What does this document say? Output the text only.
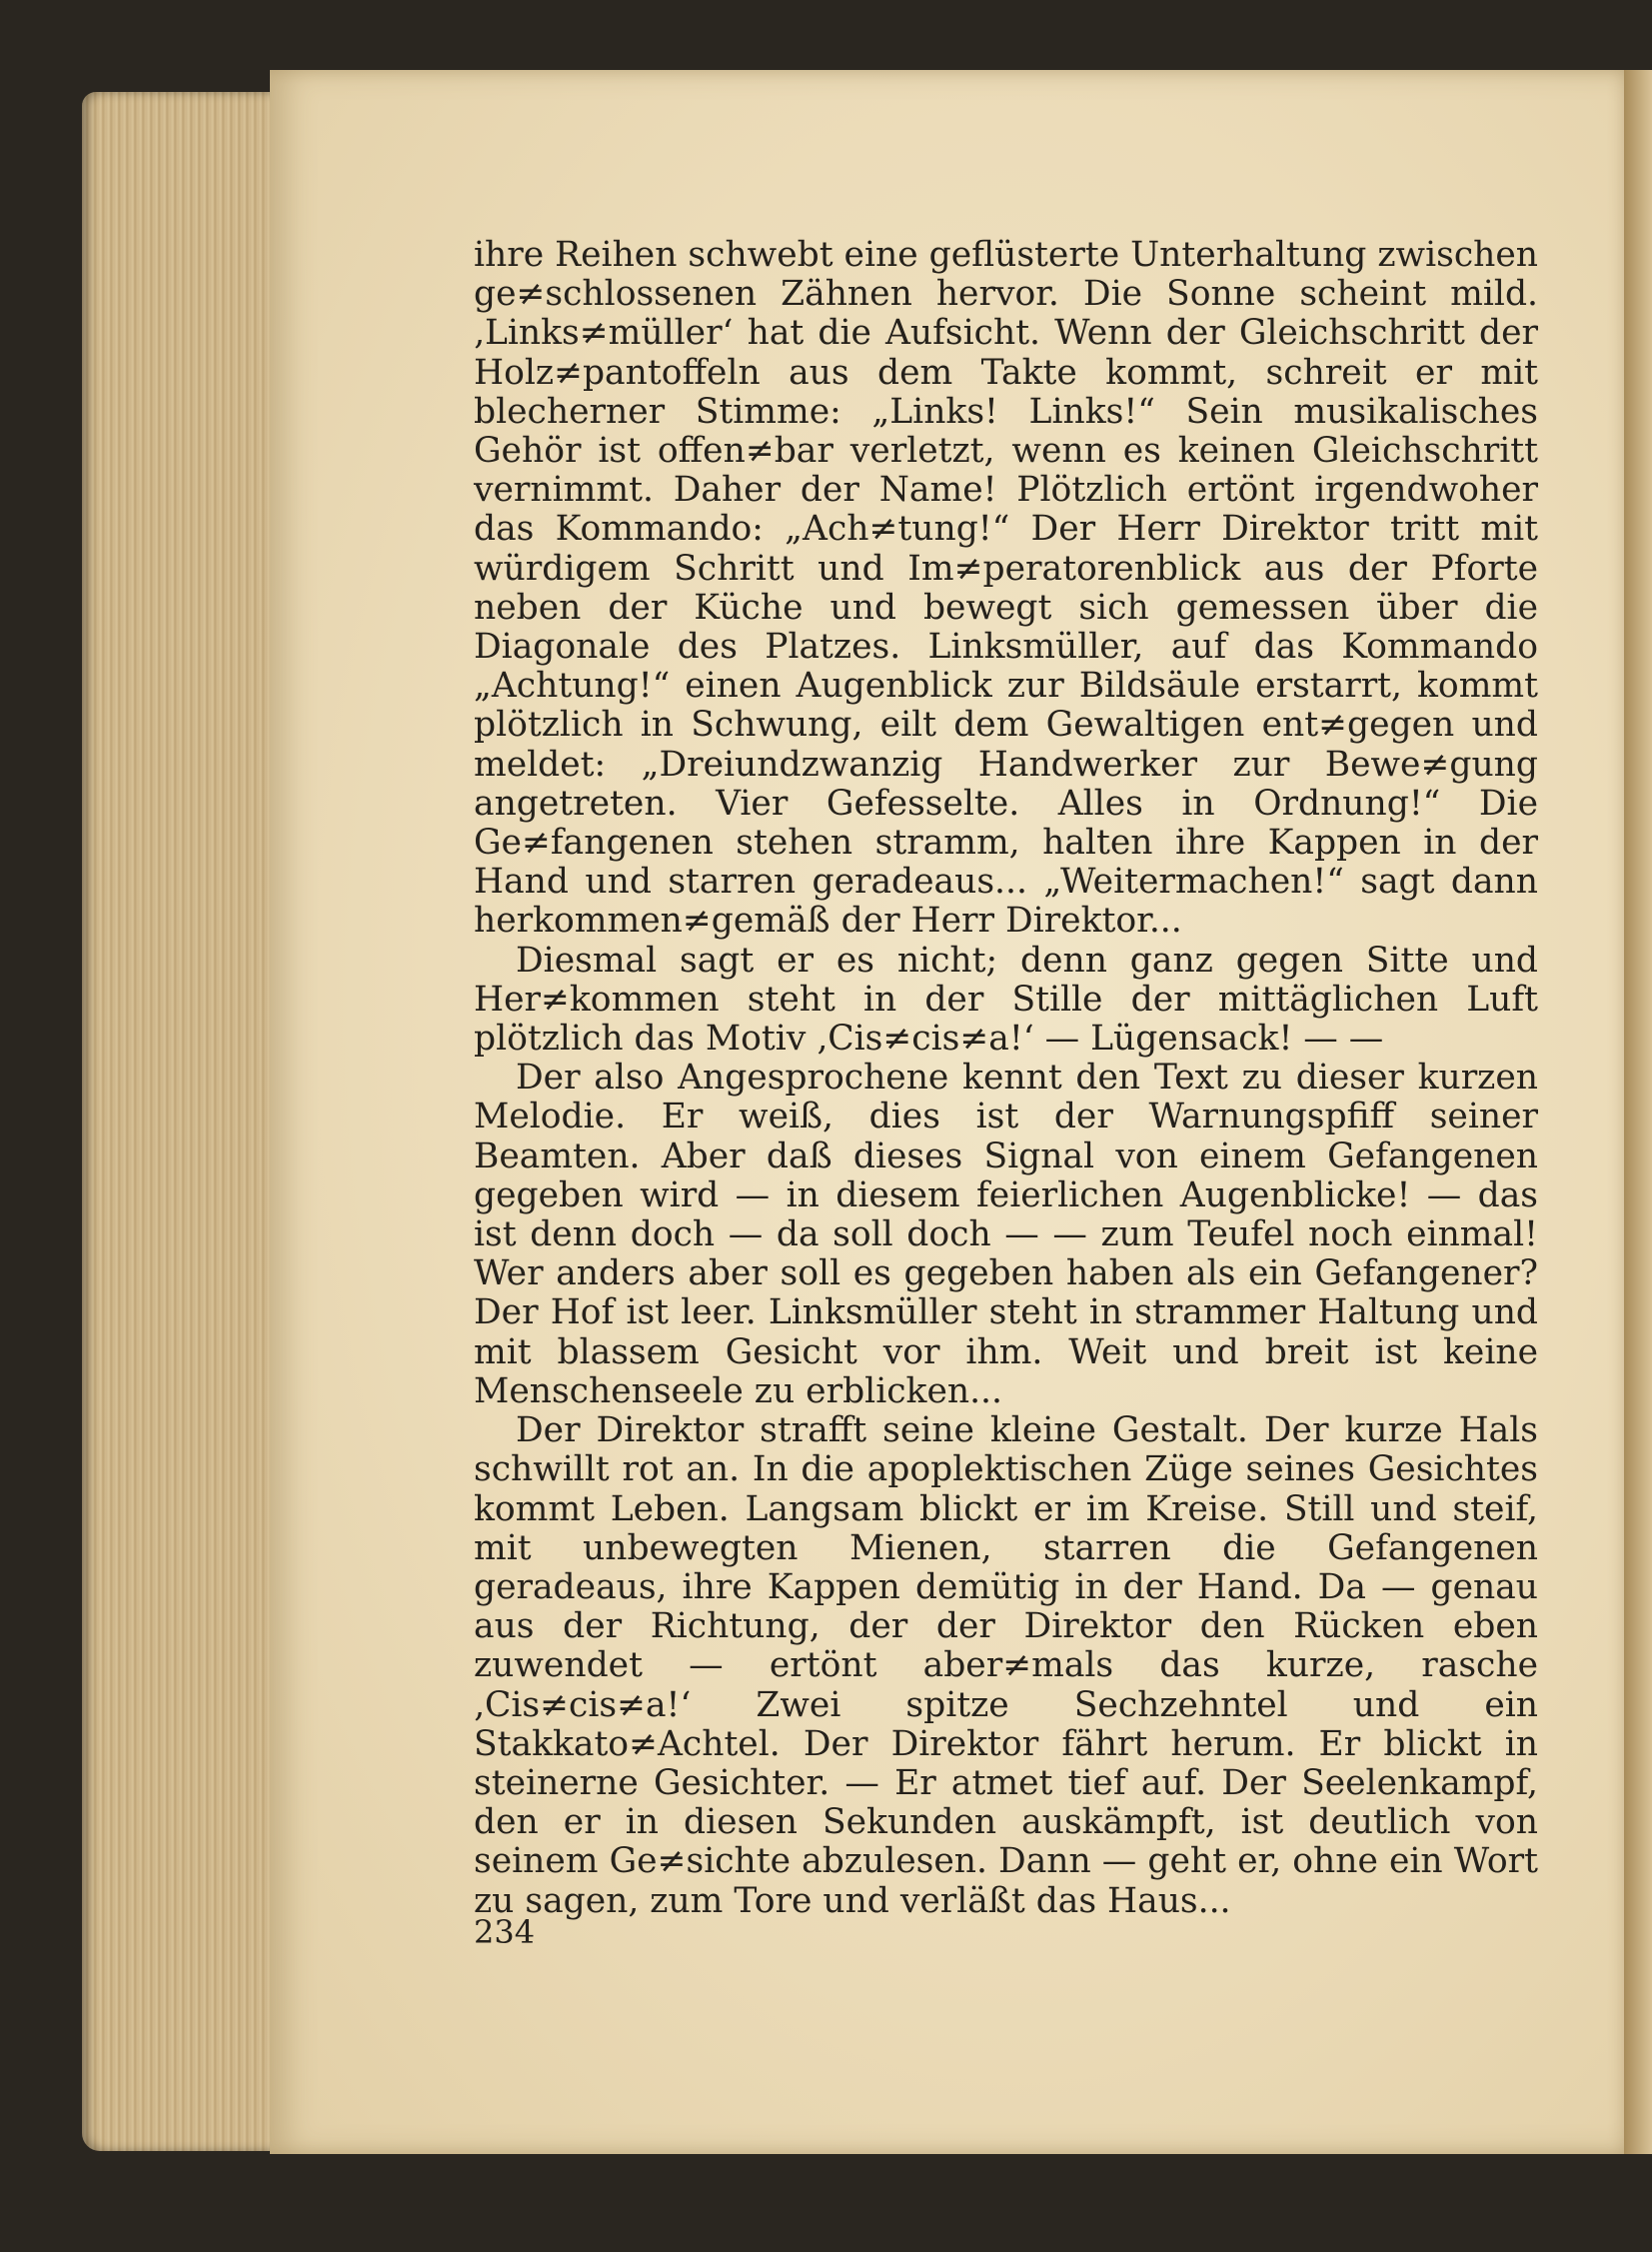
ihre Reihen schwebt eine geflüsterte Unterhaltung zwischen ge≠schlossenen Zähnen hervor. Die Sonne scheint mild. ‚Links≠müller‘ hat die Aufsicht. Wenn der Gleichschritt der Holz≠pantoffeln aus dem Takte kommt, schreit er mit blecherner Stimme: „Links! Links!“ Sein musikalisches Gehör ist offen≠bar verletzt, wenn es keinen Gleichschritt vernimmt. Daher der Name! Plötzlich ertönt irgendwoher das Kommando: „Ach≠tung!“ Der Herr Direktor tritt mit würdigem Schritt und Im≠peratorenblick aus der Pforte neben der Küche und bewegt sich gemessen über die Diagonale des Platzes. Linksmüller, auf das Kommando „Achtung!“ einen Augenblick zur Bildsäule erstarrt, kommt plötzlich in Schwung, eilt dem Gewaltigen ent≠gegen und meldet: „Dreiundzwanzig Handwerker zur Bewe≠gung angetreten. Vier Gefesselte. Alles in Ordnung!“ Die Ge≠fangenen stehen stramm, halten ihre Kappen in der Hand und starren geradeaus... „Weitermachen!“ sagt dann herkommen≠gemäß der Herr Direktor...

Diesmal sagt er es nicht; denn ganz gegen Sitte und Her≠kommen steht in der Stille der mittäglichen Luft plötzlich das Motiv ‚Cis≠cis≠a!‘ — Lügensack! — —

Der also Angesprochene kennt den Text zu dieser kurzen Melodie. Er weiß, dies ist der Warnungspfiff seiner Beamten. Aber daß dieses Signal von einem Gefangenen gegeben wird — in diesem feierlichen Augenblicke! — das ist denn doch — da soll doch — — zum Teufel noch einmal! Wer anders aber soll es gegeben haben als ein Gefangener? Der Hof ist leer. Linksmüller steht in strammer Haltung und mit blassem Gesicht vor ihm. Weit und breit ist keine Menschenseele zu erblicken...

Der Direktor strafft seine kleine Gestalt. Der kurze Hals schwillt rot an. In die apoplektischen Züge seines Gesichtes kommt Leben. Langsam blickt er im Kreise. Still und steif, mit unbewegten Mienen, starren die Gefangenen geradeaus, ihre Kappen demütig in der Hand. Da — genau aus der Richtung, der der Direktor den Rücken eben zuwendet — ertönt aber≠mals das kurze, rasche ‚Cis≠cis≠a!‘ Zwei spitze Sechzehntel und ein Stakkato≠Achtel. Der Direktor fährt herum. Er blickt in steinerne Gesichter. — Er atmet tief auf. Der Seelenkampf, den er in diesen Sekunden auskämpft, ist deutlich von seinem Ge≠sichte abzulesen. Dann — geht er, ohne ein Wort zu sagen, zum Tore und verläßt das Haus...

234
